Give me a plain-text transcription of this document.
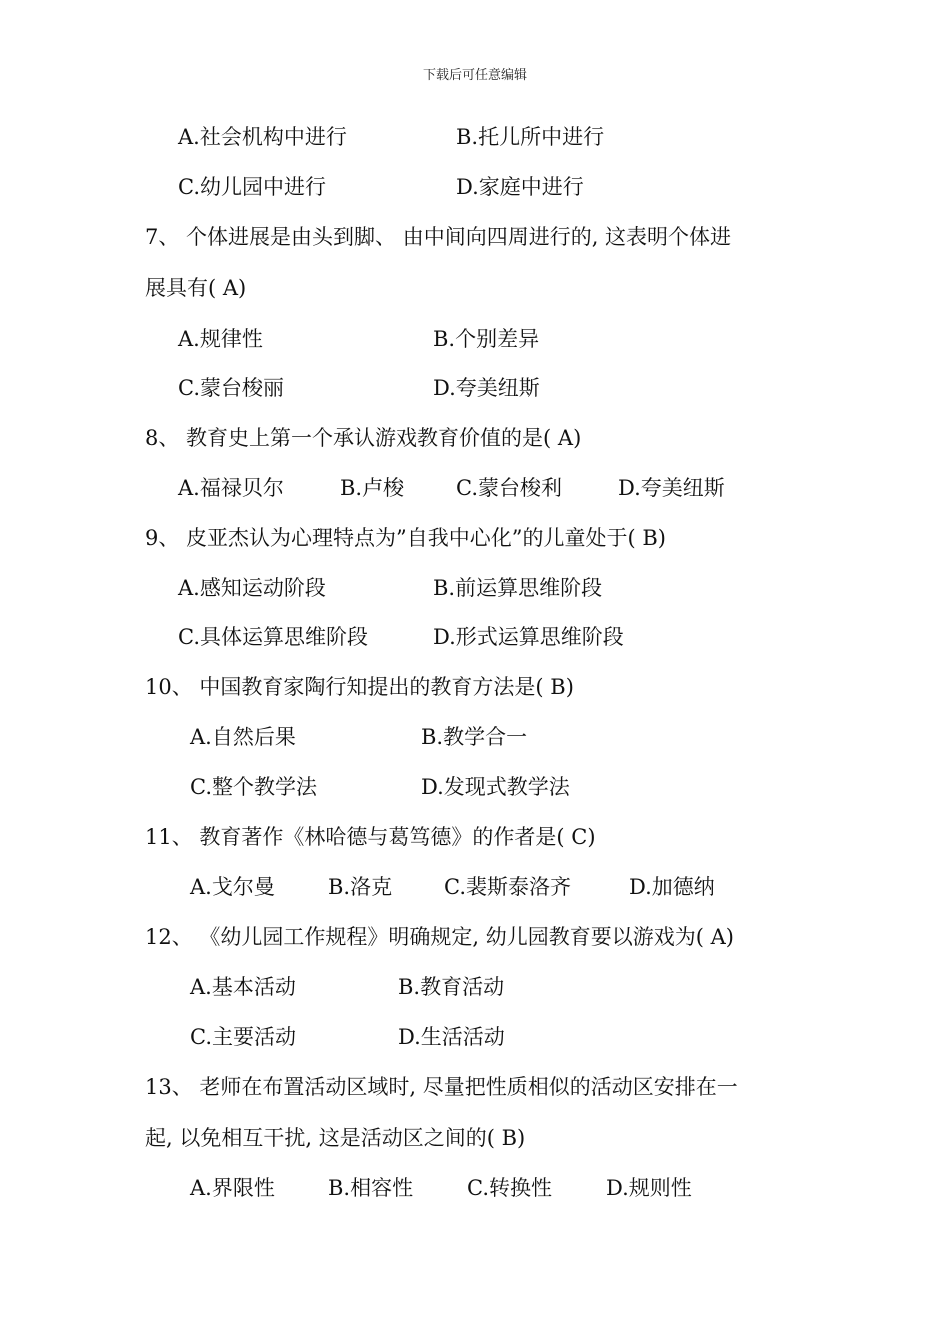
下载后可任意编辑
A.社会机构中进行	B.托儿所中进行
C.幼儿园中进行	D.家庭中进行
7、 个体进展是由头到脚、 由中间向四周进行的, 这表明个体进
展具有( A)
A.规律性	B.个别差异
C.蒙台梭丽	D.夸美纽斯
8、 教育史上第一个承认游戏教育价值的是( A)
A.福禄贝尔	B.卢梭 C.蒙台梭利	D.夸美纽斯
9、 皮亚杰认为心理特点为”自我中心化”的儿童处于( B)
A.感知运动阶段	B.前运算思维阶段
C.具体运算思维阶段	D.形式运算思维阶段
10、 中国教育家陶行知提出的教育方法是( B)
A.自然后果	B.教学合一
C.整个教学法	D.发现式教学法
11、 教育著作《林哈德与葛笃德》的作者是( C)
A.戈尔曼	B.洛克 C.裴斯泰洛齐	D.加德纳
12、 《幼儿园工作规程》明确规定, 幼儿园教育要以游戏为( A)
A.基本活动	B.教育活动
C.主要活动	D.生活活动
13、 老师在布置活动区域时, 尽量把性质相似的活动区安排在一
起, 以免相互干扰, 这是活动区之间的( B)
A.界限性	B.相容性	C.转换性	D.规则性
